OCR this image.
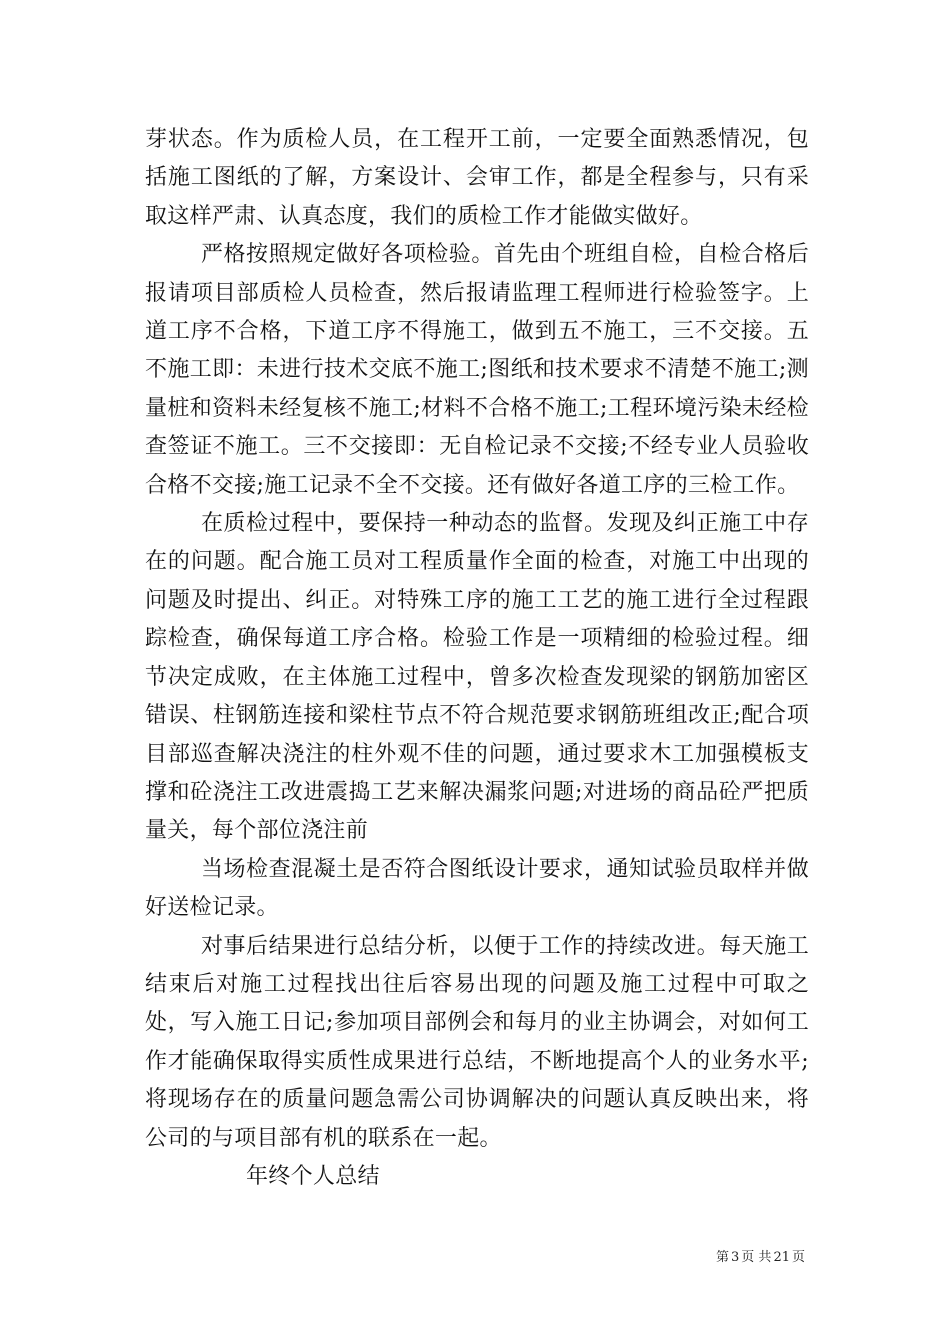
芽状态。作为质检人员，在工程开工前，一定要全面熟悉情况，包括施工图纸的了解，方案设计、会审工作，都是全程参与，只有采取这样严肃、认真态度，我们的质检工作才能做实做好。

严格按照规定做好各项检验。首先由个班组自检，自检合格后报请项目部质检人员检查，然后报请监理工程师进行检验签字。上道工序不合格，下道工序不得施工，做到五不施工，三不交接。五不施工即：未进行技术交底不施工;图纸和技术要求不清楚不施工;测量桩和资料未经复核不施工;材料不合格不施工;工程环境污染未经检查签证不施工。三不交接即：无自检记录不交接;不经专业人员验收合格不交接;施工记录不全不交接。还有做好各道工序的三检工作。

在质检过程中，要保持一种动态的监督。发现及纠正施工中存在的问题。配合施工员对工程质量作全面的检查，对施工中出现的问题及时提出、纠正。对特殊工序的施工工艺的施工进行全过程跟踪检查，确保每道工序合格。检验工作是一项精细的检验过程。细节决定成败，在主体施工过程中，曾多次检查发现梁的钢筋加密区错误、柱钢筋连接和梁柱节点不符合规范要求钢筋班组改正;配合项目部巡查解决浇注的柱外观不佳的问题，通过要求木工加强模板支撑和砼浇注工改进震捣工艺来解决漏浆问题;对进场的商品砼严把质量关，每个部位浇注前

当场检查混凝土是否符合图纸设计要求，通知试验员取样并做好送检记录。

对事后结果进行总结分析，以便于工作的持续改进。每天施工结束后对施工过程找出往后容易出现的问题及施工过程中可取之处，写入施工日记;参加项目部例会和每月的业主协调会，对如何工作才能确保取得实质性成果进行总结，不断地提高个人的业务水平;将现场存在的质量问题急需公司协调解决的问题认真反映出来，将公司的与项目部有机的联系在一起。

年终个人总结

第 3 页 共 21 页
